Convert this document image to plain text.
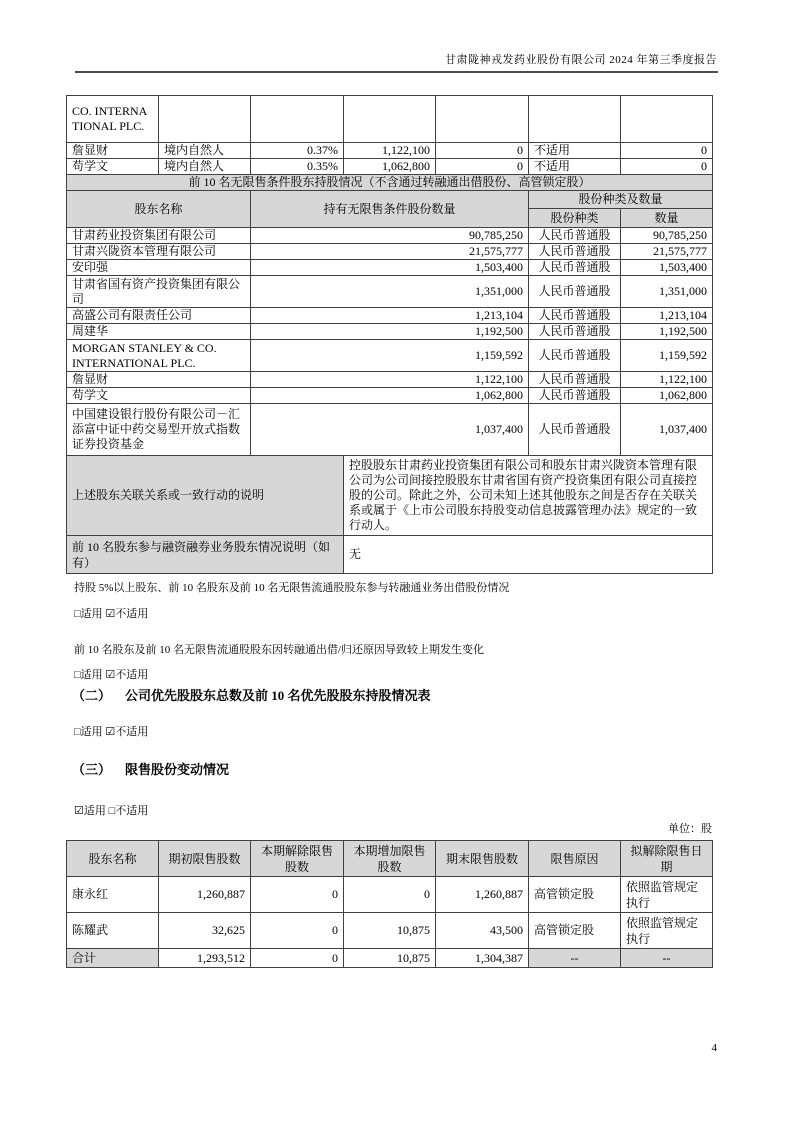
甘肃陇神戎发药业股份有限公司 2024 年第三季度报告
CO. INTERNATIONAL PLC.						
詹显财	境内自然人	0.37%	1,122,100	0	不适用	0
苟学文	境内自然人	0.35%	1,062,800	0	不适用	0
前 10 名无限售条件股东持股情况（不含通过转融通出借股份、高管锁定股）						
股东名称		持有无限售条件股份数量			股份种类及数量	
					股份种类	数量
甘肃药业投资集团有限公司		90,785,250			人民币普通股	90,785,250
甘肃兴陇资本管理有限公司		21,575,777			人民币普通股	21,575,777
安印强		1,503,400			人民币普通股	1,503,400
甘肃省国有资产投资集团有限公司		1,351,000			人民币普通股	1,351,000
高盛公司有限责任公司		1,213,104			人民币普通股	1,213,104
周建华		1,192,500			人民币普通股	1,192,500
MORGAN STANLEY & CO. INTERNATIONAL PLC.		1,159,592			人民币普通股	1,159,592
詹显财		1,122,100			人民币普通股	1,122,100
苟学文		1,062,800			人民币普通股	1,062,800
中国建设银行股份有限公司－汇添富中证中药交易型开放式指数证券投资基金		1,037,400			人民币普通股	1,037,400
上述股东关联关系或一致行动的说明			控股股东甘肃药业投资集团有限公司和股东甘肃兴陇资本管理有限公司为公司间接控股股东甘肃省国有资产投资集团有限公司直接控股的公司。除此之外，公司未知上述其他股东之间是否存在关联关系或属于《上市公司股东持股变动信息披露管理办法》规定的一致行动人。			
前 10 名股东参与融资融券业务股东情况说明（如有）			无			

持股 5%以上股东、前 10 名股东及前 10 名无限售流通股股东参与转融通业务出借股份情况

□适用 ☑不适用

前 10 名股东及前 10 名无限售流通股股东因转融通出借/归还原因导致较上期发生变化

□适用 ☑不适用

（二） 公司优先股股东总数及前 10 名优先股股东持股情况表

□适用 ☑不适用

（三） 限售股份变动情况

☑适用 □不适用

单位：股
股东名称	期初限售股数	本期解除限售股数	本期增加限售股数	期末限售股数	限售原因	拟解除限售日期
康永红	1,260,887	0	0	1,260,887	高管锁定股	依照监管规定执行
陈耀武	32,625	0	10,875	43,500	高管锁定股	依照监管规定执行
合计	1,293,512	0	10,875	1,304,387	--	--
4
